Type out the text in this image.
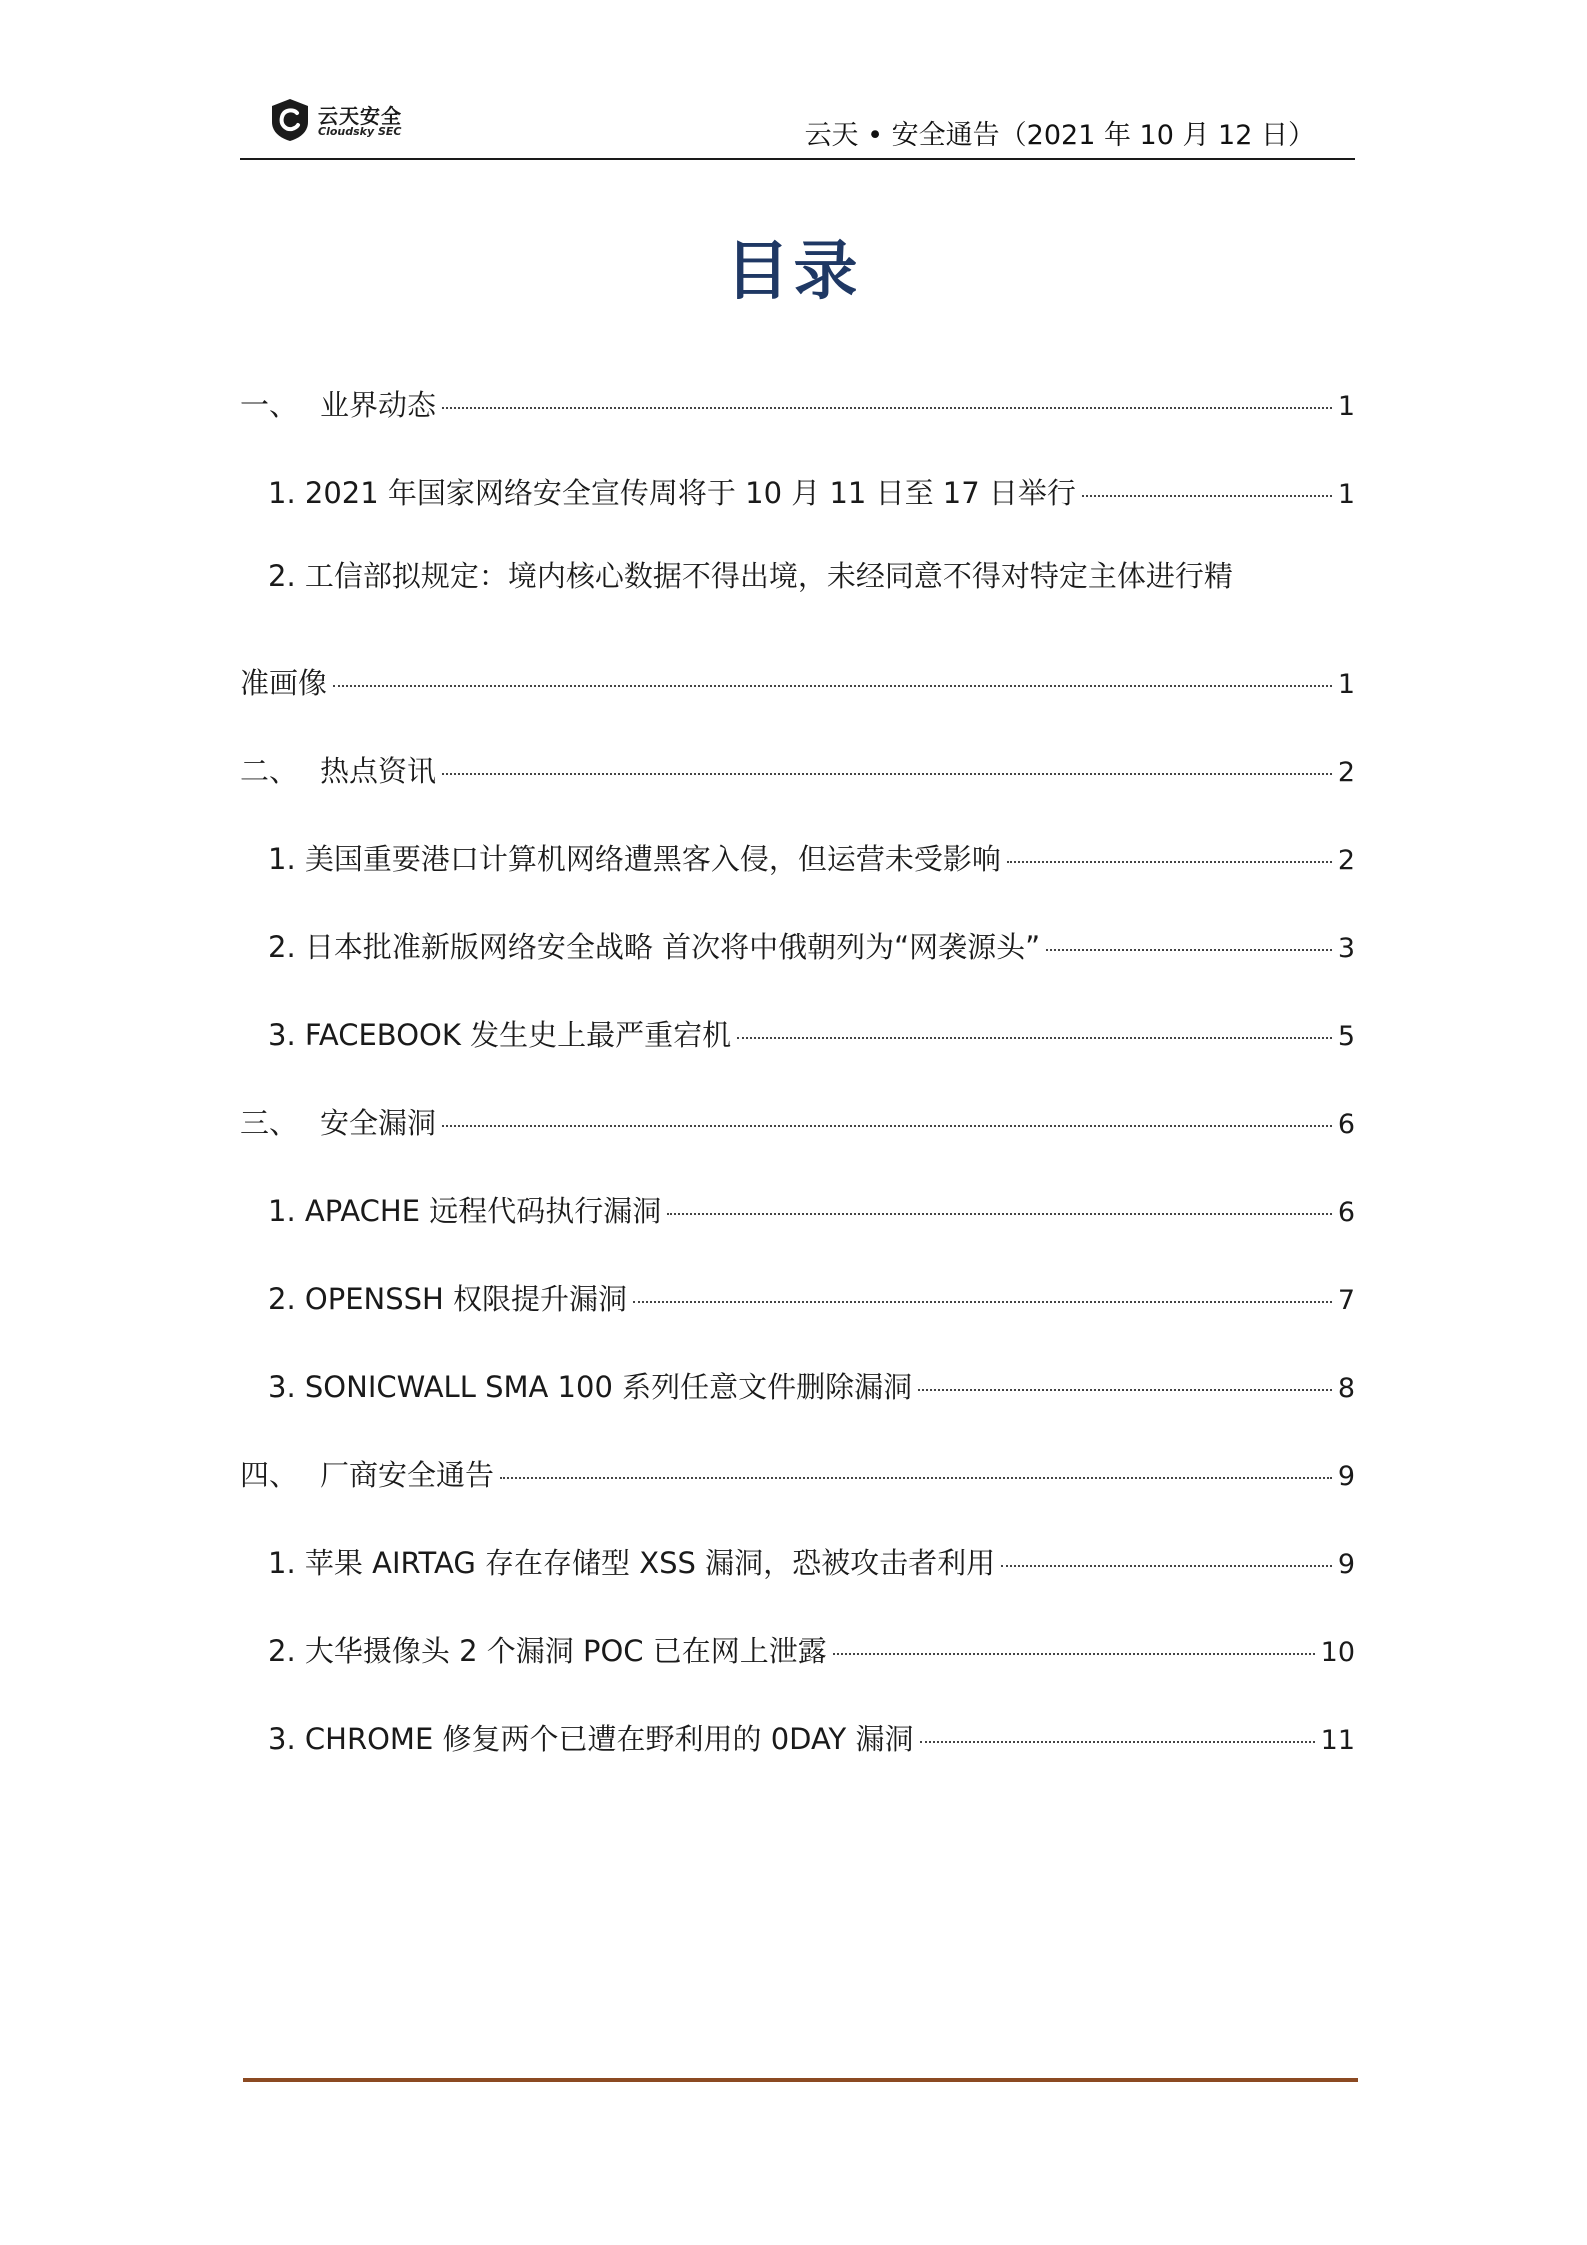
云天安全
Cloudsky SEC	云天 • 安全通告（2021 年 10 月 12 日）
目录
一、 业界动态	1
1. 2021 年国家网络安全宣传周将于 10 月 11 日至 17 日举行	1
2. 工信部拟规定：境内核心数据不得出境，未经同意不得对特定主体进行精
准画像	1
二、 热点资讯	2
1. 美国重要港口计算机网络遭黑客入侵，但运营未受影响	2
2. 日本批准新版网络安全战略 首次将中俄朝列为“网袭源头”	3
3. FACEBOOK 发生史上最严重宕机	5
三、 安全漏洞	6
1. APACHE 远程代码执行漏洞	6
2. OPENSSH 权限提升漏洞	7
3. SONICWALL SMA 100 系列任意文件删除漏洞	8
四、 厂商安全通告	9
1. 苹果 AIRTAG 存在存储型 XSS 漏洞，恐被攻击者利用	9
2. 大华摄像头 2 个漏洞 POC 已在网上泄露	10
3. CHROME 修复两个已遭在野利用的 0DAY 漏洞	11
